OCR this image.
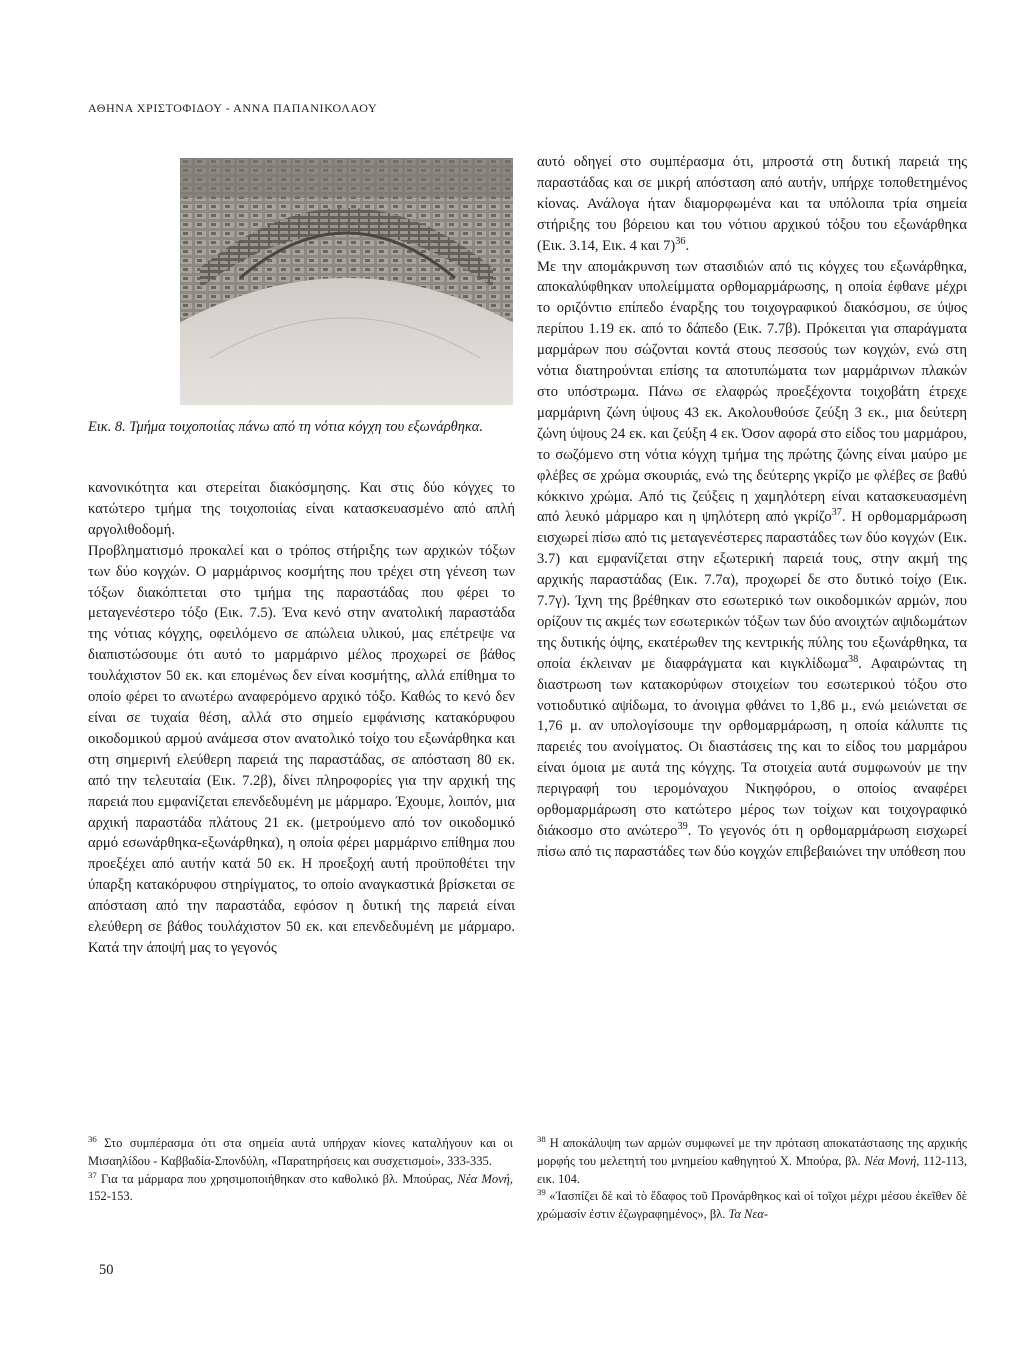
ΑΘΗΝΑ ΧΡΙΣΤΟΦΙΔΟΥ - ΑΝΝΑ ΠΑΠΑΝΙΚΟΛΑΟΥ
Εικ. 8. Τμήμα τοιχοποιίας πάνω από τη νότια κόγχη του εξωνάρθηκα.

κανονικότητα και στερείται διακόσμησης. Και στις δύο κόγχες το κατώτερο τμήμα της τοιχοποιίας είναι κατασκευασμένο από απλή αργολιθοδομή.

Προβληματισμό προκαλεί και ο τρόπος στήριξης των αρχικών τόξων των δύο κογχών. Ο μαρμάρινος κοσμήτης που τρέχει στη γένεση των τόξων διακόπτεται στο τμήμα της παραστάδας που φέρει το μεταγενέστερο τόξο (Εικ. 7.5). Ένα κενό στην ανατολική παραστάδα της νότιας κόγχης, οφειλόμενο σε απώλεια υλικού, μας επέτρεψε να διαπιστώσουμε ότι αυτό το μαρμάρινο μέλος προχωρεί σε βάθος τουλάχιστον 50 εκ. και επομένως δεν είναι κοσμήτης, αλλά επίθημα το οποίο φέρει το ανωτέρω αναφερόμενο αρχικό τόξο. Καθώς το κενό δεν είναι σε τυχαία θέση, αλλά στο σημείο εμφάνισης κατακόρυφου οικοδομικού αρμού ανάμεσα στον ανατολικό τοίχο του εξωνάρθηκα και στη σημερινή ελεύθερη παρειά της παραστάδας, σε απόσταση 80 εκ. από την τελευταία (Εικ. 7.2β), δίνει πληροφορίες για την αρχική της παρειά που εμφανίζεται επενδεδυμένη με μάρμαρο. Έχουμε, λοιπόν, μια αρχική παραστάδα πλάτους 21 εκ. (μετρούμενο από τον οικοδομικό αρμό εσωνάρθηκα-εξωνάρθηκα), η οποία φέρει μαρμάρινο επίθημα που προεξέχει από αυτήν κατά 50 εκ. Η προεξοχή αυτή προϋποθέτει την ύπαρξη κατακόρυφου στηρίγματος, το οποίο αναγκαστικά βρίσκεται σε απόσταση από την παραστάδα, εφόσον η δυτική της παρειά είναι ελεύθερη σε βάθος τουλάχιστον 50 εκ. και επενδεδυμένη με μάρμαρο. Κατά την άποψή μας το γεγονός

αυτό οδηγεί στο συμπέρασμα ότι, μπροστά στη δυτική παρειά της παραστάδας και σε μικρή απόσταση από αυτήν, υπήρχε τοποθετημένος κίονας. Ανάλογα ήταν διαμορφωμένα και τα υπόλοιπα τρία σημεία στήριξης του βόρειου και του νότιου αρχικού τόξου του εξωνάρθηκα (Εικ. 3.14, Εικ. 4 και 7)$^{36}$.

Με την απομάκρυνση των στασιδιών από τις κόγχες του εξωνάρθηκα, αποκαλύφθηκαν υπολείμματα ορθομαρμάρωσης, η οποία έφθανε μέχρι το οριζόντιο επίπεδο έναρξης του τοιχογραφικού διακόσμου, σε ύψος περίπου 1.19 εκ. από το δάπεδο (Εικ. 7.7β). Πρόκειται για σπαράγματα μαρμάρων που σώζονται κοντά στους πεσσούς των κογχών, ενώ στη νότια διατηρούνται επίσης τα αποτυπώματα των μαρμάρινων πλακών στο υπόστρωμα. Πάνω σε ελαφρώς προεξέχοντα τοιχοβάτη έτρεχε μαρμάρινη ζώνη ύψους 43 εκ. Ακολουθούσε ζεύξη 3 εκ., μια δεύτερη ζώνη ύψους 24 εκ. και ζεύξη 4 εκ. Όσον αφορά στο είδος του μαρμάρου, το σωζόμενο στη νότια κόγχη τμήμα της πρώτης ζώνης είναι μαύρο με φλέβες σε χρώμα σκουριάς, ενώ της δεύτερης γκρίζο με φλέβες σε βαθύ κόκκινο χρώμα. Από τις ζεύξεις η χαμηλότερη είναι κατασκευασμένη από λευκό μάρμαρο και η ψηλότερη από γκρίζο$^{37}$. Η ορθομαρμάρωση εισχωρεί πίσω από τις μεταγενέστερες παραστάδες των δύο κογχών (Εικ. 3.7) και εμφανίζεται στην εξωτερική παρειά τους, στην ακμή της αρχικής παραστάδας (Εικ. 7.7α), προχωρεί δε στο δυτικό τοίχο (Εικ. 7.7γ). Ίχνη της βρέθηκαν στο εσωτερικό των οικοδομικών αρμών, που ορίζουν τις ακμές των εσωτερικών τόξων των δύο ανοιχτών αψιδωμάτων της δυτικής όψης, εκατέρωθεν της κεντρικής πύλης του εξωνάρθηκα, τα οποία έκλειναν με διαφράγματα και κιγκλίδωμα$^{38}$. Αφαιρώντας τη διαστρωση των κατακορύφων στοιχείων του εσωτερικού τόξου στο νοτιοδυτικό αψίδωμα, το άνοιγμα φθάνει το 1,86 μ., ενώ μειώνεται σε 1,76 μ. αν υπολογίσουμε την ορθομαρμάρωση, η οποία κάλυπτε τις παρειές του ανοίγματος. Οι διαστάσεις της και το είδος του μαρμάρου είναι όμοια με αυτά της κόγχης. Τα στοιχεία αυτά συμφωνούν με την περιγραφή του ιερομόναχου Νικηφόρου, ο οποίος αναφέρει ορθομαρμάρωση στο κατώτερο μέρος των τοίχων και τοιχογραφικό διάκοσμο στο ανώτερο$^{39}$. Το γεγονός ότι η ορθομαρμάρωση εισχωρεί πίσω από τις παραστάδες των δύο κογχών επιβεβαιώνει την υπόθεση που

$^{36}$ Στο συμπέρασμα ότι στα σημεία αυτά υπήρχαν κίονες καταλήγουν και οι Μισαηλίδου - Καββαδία-Σπονδύλη, «Παρατηρήσεις και συσχετισμοί», 333-335.

$^{37}$ Για τα μάρμαρα που χρησιμοποιήθηκαν στο καθολικό βλ. Μπούρας, Νέα Μονή, 152-153.

$^{38}$ Η αποκάλυψη των αρμών συμφωνεί με την πρόταση αποκατάστασης της αρχικής μορφής του μελετητή του μνημείου καθηγητού Χ. Μπούρα, βλ. Νέα Μονή, 112-113, εικ. 104.

$^{39}$ «Ἰασπίζει δὲ καὶ τὸ ἔδαφος τοῦ Προνάρθηκος καὶ οἱ τοῖχοι μέχρι μέσου ἐκεῖθεν δὲ χρώμασίν ἐστιν ἐζωγραφημένος», βλ. Τα Νεα-

50
